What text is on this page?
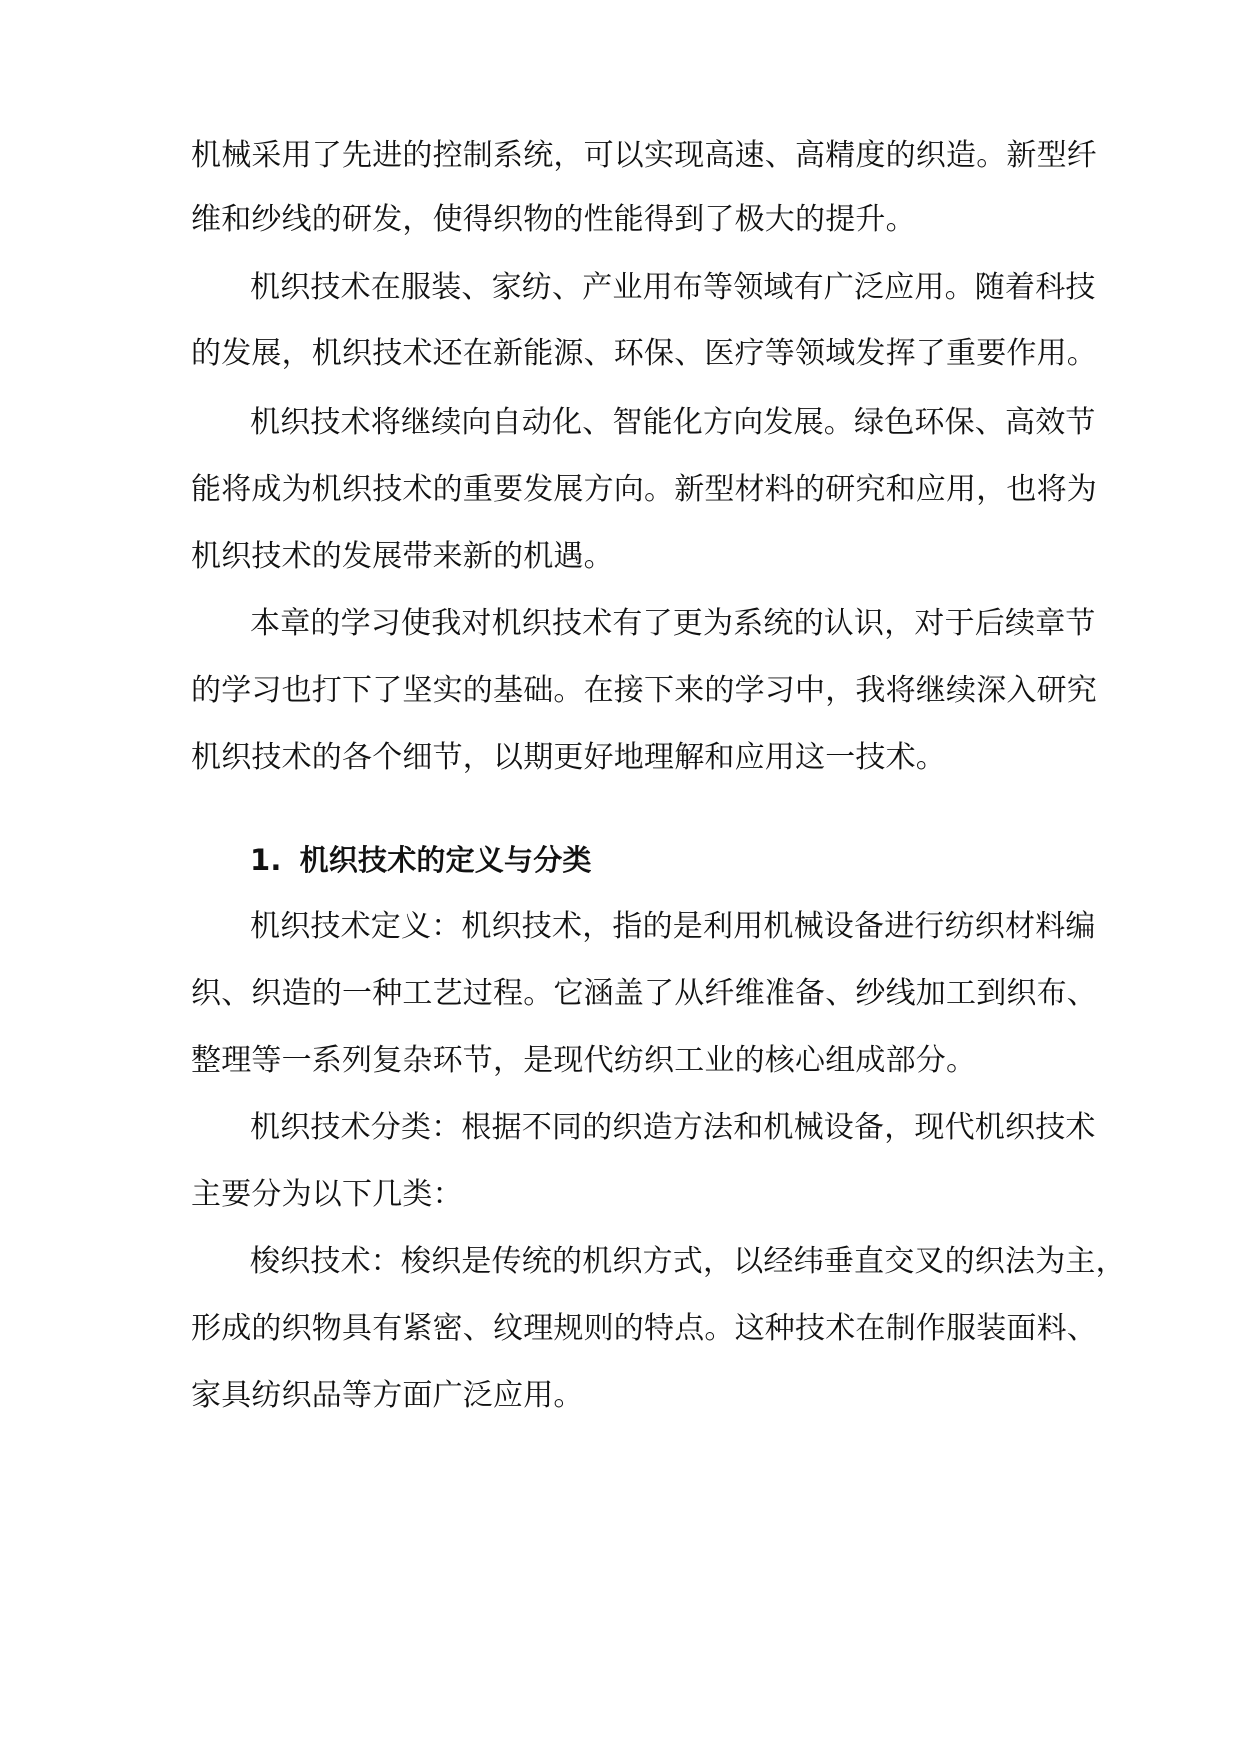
机械采用了先进的控制系统，可以实现高速、高精度的织造。新型纤
维和纱线的研发，使得织物的性能得到了极大的提升。
机织技术在服装、家纺、产业用布等领域有广泛应用。随着科技
的发展，机织技术还在新能源、环保、医疗等领域发挥了重要作用。
机织技术将继续向自动化、智能化方向发展。绿色环保、高效节
能将成为机织技术的重要发展方向。新型材料的研究和应用，也将为
机织技术的发展带来新的机遇。
本章的学习使我对机织技术有了更为系统的认识，对于后续章节
的学习也打下了坚实的基础。在接下来的学习中，我将继续深入研究
机织技术的各个细节，以期更好地理解和应用这一技术。
1. 机织技术的定义与分类
机织技术定义：机织技术，指的是利用机械设备进行纺织材料编
织、织造的一种工艺过程。它涵盖了从纤维准备、纱线加工到织布、
整理等一系列复杂环节，是现代纺织工业的核心组成部分。
机织技术分类：根据不同的织造方法和机械设备，现代机织技术
主要分为以下几类：
梭织技术：梭织是传统的机织方式，以经纬垂直交叉的织法为主，
形成的织物具有紧密、纹理规则的特点。这种技术在制作服装面料、
家具纺织品等方面广泛应用。
